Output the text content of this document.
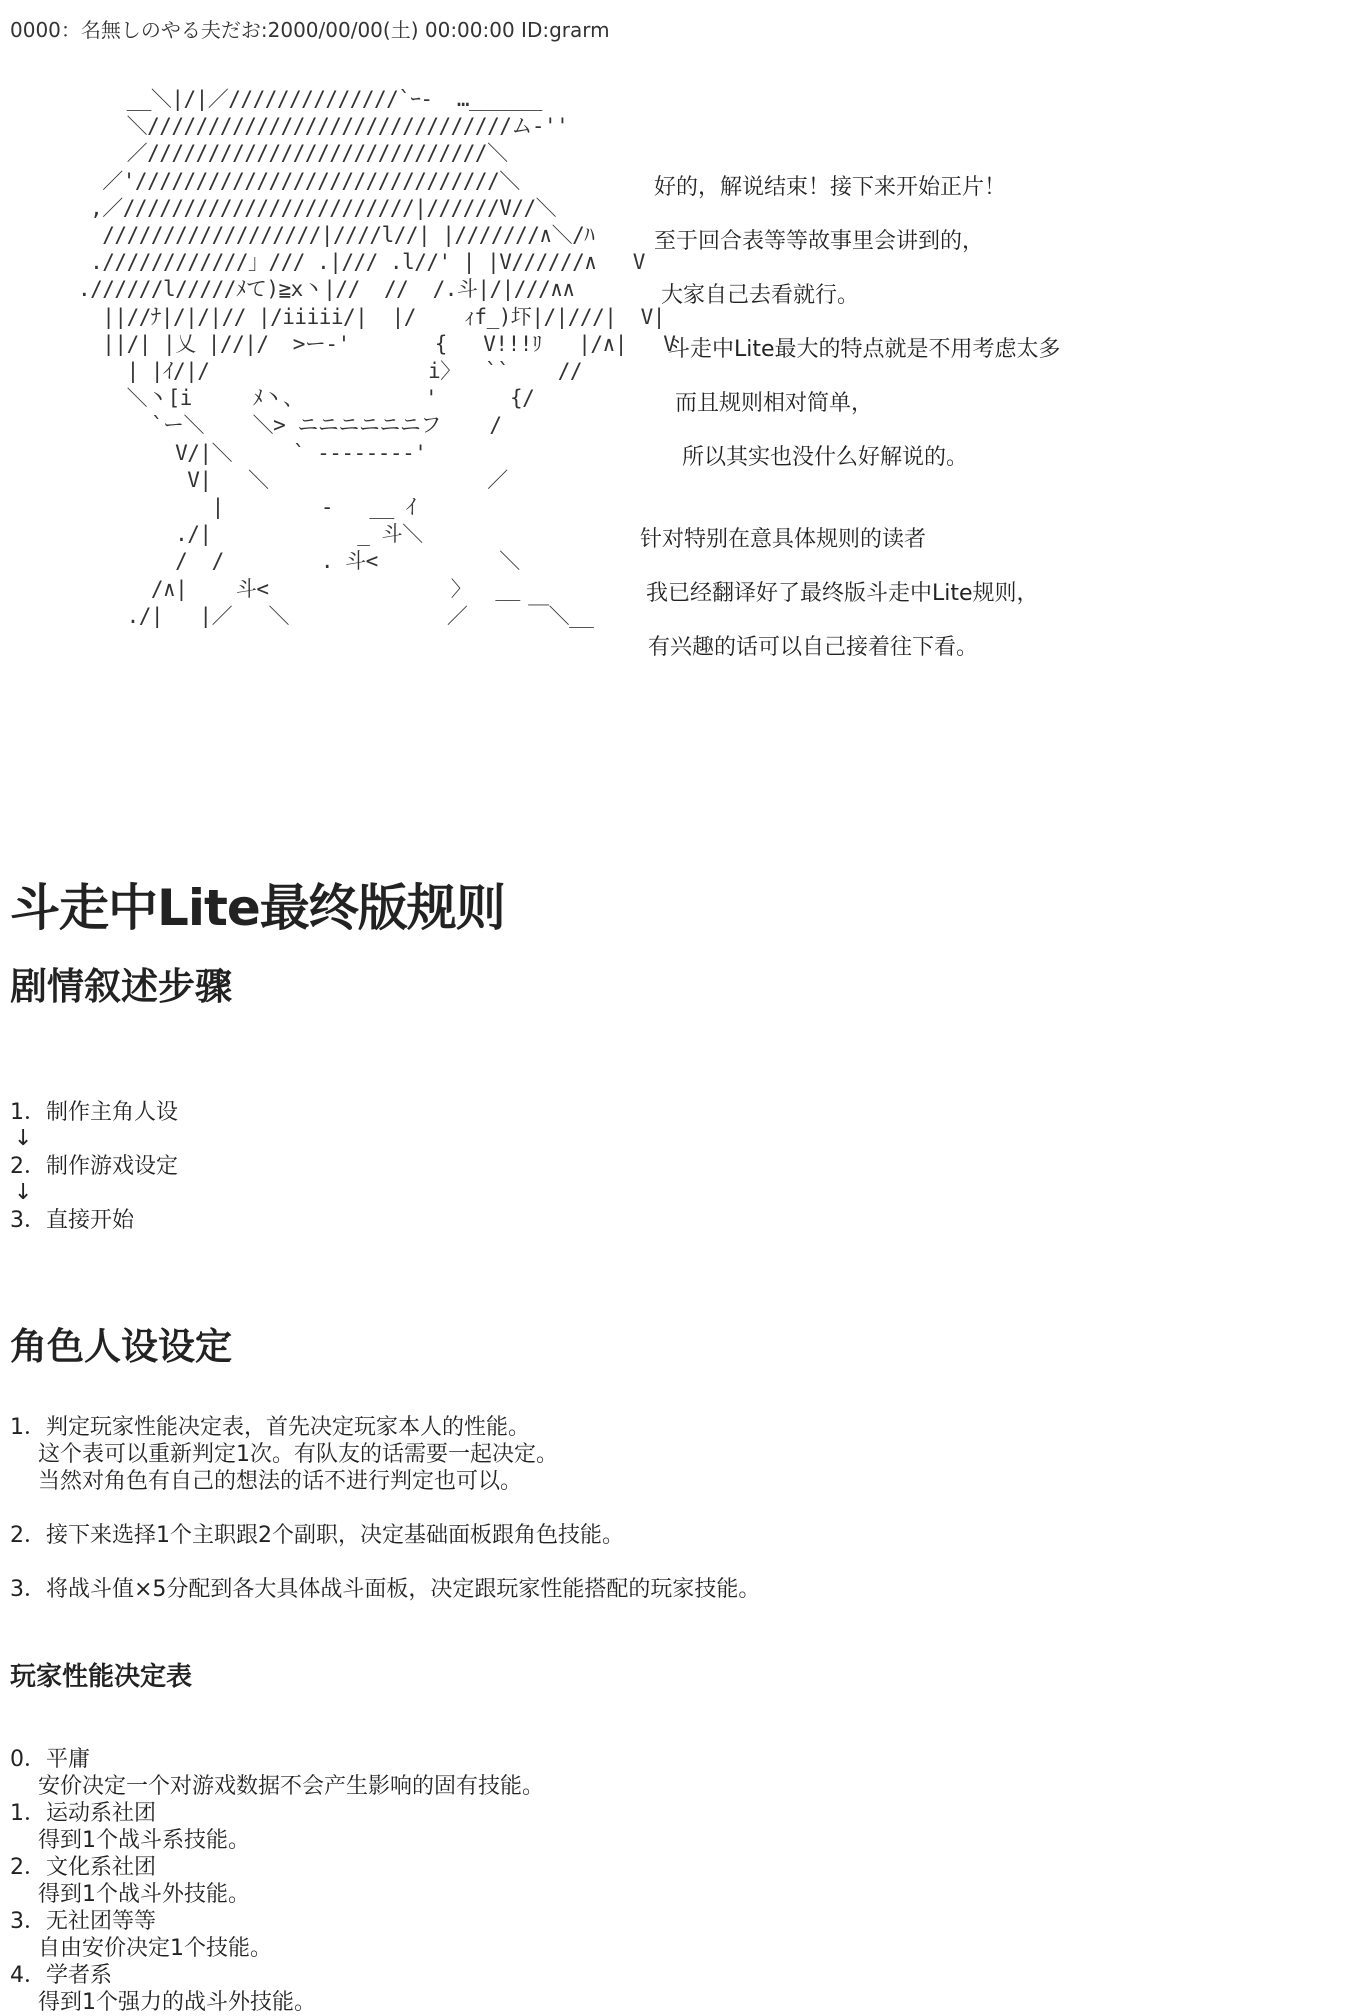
0000：名無しのやる夫だお:2000/00/00(土) 00:00:00 ID:grarm
__＼|/|／//////////////`ｰ-  …______
＼//////////////////////////////ム-''
／////////////////////////////＼
／'//////////////////////////////＼
,／////////////////////////|//////V//＼
//////////////////|////l//| |///////∧＼/ﾊ
.////////////」/// .|/// .l//' | |V//////∧   V
.//////l/////ﾒて)≧x丶|//  //  /.斗|/|///∧∧
||//ﾅ|/|/|// |/iiiii/|  |/    ｨf_)圷|/|///|  V|
||/| |乂 |//|/  >ー-'       {   V!!!ﾘ   |/∧|   V
| |ｲ/|/                  i〉  ``    //
＼丶[i     ﾒ丶、          '      {/
`ー＼    ＼> ニニニニニニフ    /
V/|＼     ` ‐‐‐‐‐‐‐‐'
V|   ＼                  ／
|        -   __ ｲ
./|            _ 斗＼
/  /        . 斗<          ＼
/∧|    斗<               〉  __
./|   |／   ＼             ／     ￣＼__
好的，解说结束！接下来开始正片！
至于回合表等等故事里会讲到的，
大家自己去看就行。
斗走中Lite最大的特点就是不用考虑太多
而且规则相对简单，
所以其实也没什么好解说的。
针对特别在意具体规则的读者
我已经翻译好了最终版斗走中Lite规则，
有兴趣的话可以自己接着往下看。
斗走中Lite最终版规则
剧情叙述步骤
1．制作主角人设
↓
2．制作游戏设定
↓
3．直接开始
角色人设设定
1．判定玩家性能决定表，首先决定玩家本人的性能。
这个表可以重新判定1次。有队友的话需要一起决定。
当然对角色有自己的想法的话不进行判定也可以。
2．接下来选择1个主职跟2个副职，决定基础面板跟角色技能。
3．将战斗值×5分配到各大具体战斗面板，决定跟玩家性能搭配的玩家技能。
玩家性能决定表
0．平庸
安价决定一个对游戏数据不会产生影响的固有技能。
1．运动系社团
得到1个战斗系技能。
2．文化系社团
得到1个战斗外技能。
3．无社团等等
自由安价决定1个技能。
4．学者系
得到1个强力的战斗外技能。
